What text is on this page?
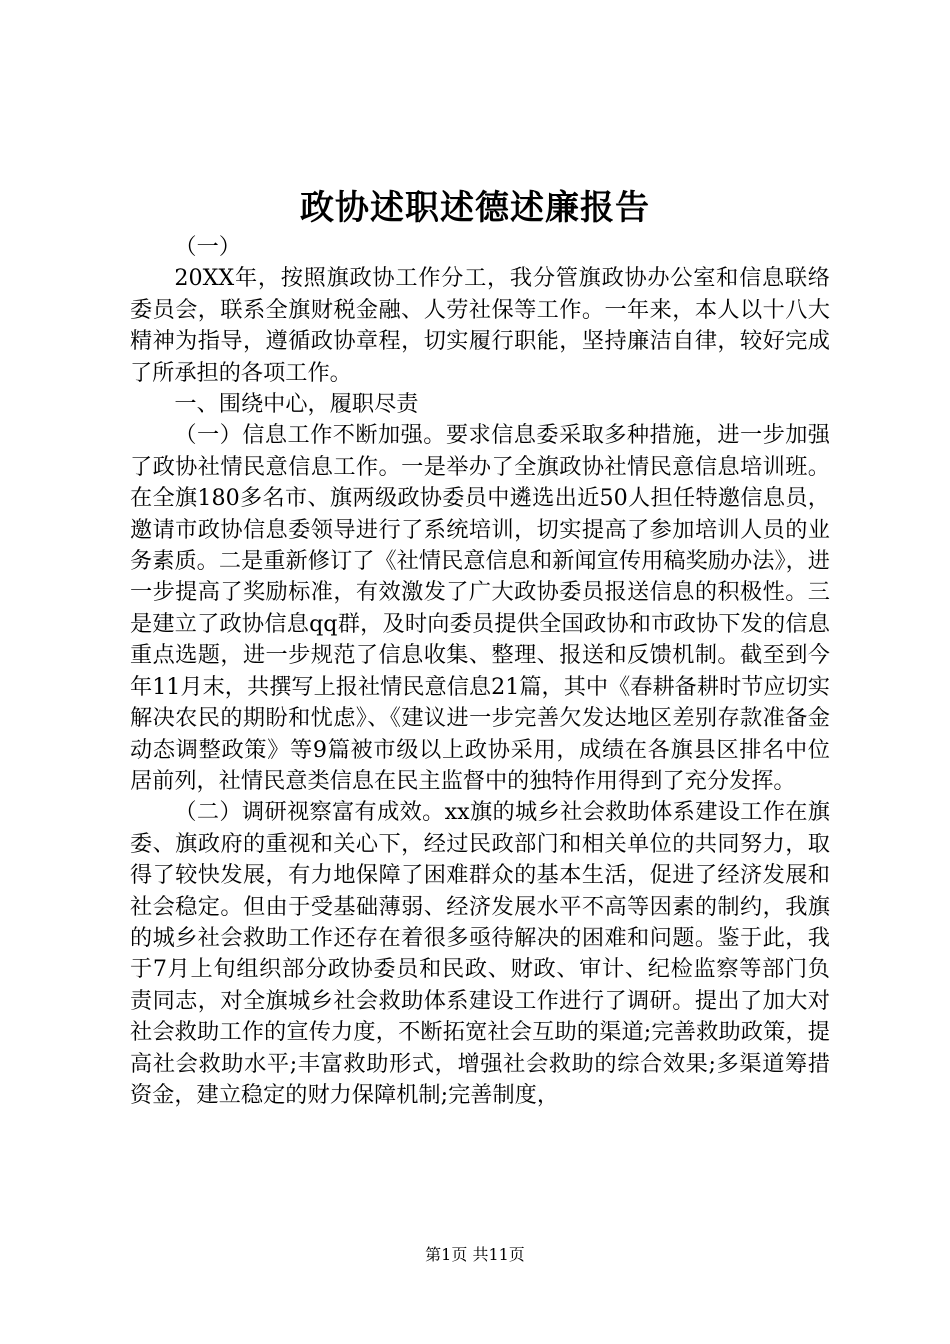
政协述职述德述廉报告

（一）

20XX年，按照旗政协工作分工，我分管旗政协办公室和信息联络委员会，联系全旗财税金融、人劳社保等工作。一年来，本人以十八大精神为指导，遵循政协章程，切实履行职能，坚持廉洁自律，较好完成了所承担的各项工作。

一、围绕中心，履职尽责

（一）信息工作不断加强。要求信息委采取多种措施，进一步加强了政协社情民意信息工作。一是举办了全旗政协社情民意信息培训班。在全旗180多名市、旗两级政协委员中遴选出近50人担任特邀信息员，邀请市政协信息委领导进行了系统培训，切实提高了参加培训人员的业务素质。二是重新修订了《社情民意信息和新闻宣传用稿奖励办法》，进一步提高了奖励标准，有效激发了广大政协委员报送信息的积极性。三是建立了政协信息qq群，及时向委员提供全国政协和市政协下发的信息重点选题，进一步规范了信息收集、整理、报送和反馈机制。截至到今年11月末，共撰写上报社情民意信息21篇，其中《春耕备耕时节应切实解决农民的期盼和忧虑》、《建议进一步完善欠发达地区差别存款准备金动态调整政策》等9篇被市级以上政协采用，成绩在各旗县区排名中位居前列，社情民意类信息在民主监督中的独特作用得到了充分发挥。

（二）调研视察富有成效。xx旗的城乡社会救助体系建设工作在旗委、旗政府的重视和关心下，经过民政部门和相关单位的共同努力，取得了较快发展，有力地保障了困难群众的基本生活，促进了经济发展和社会稳定。但由于受基础薄弱、经济发展水平不高等因素的制约，我旗的城乡社会救助工作还存在着很多亟待解决的困难和问题。鉴于此，我于7月上旬组织部分政协委员和民政、财政、审计、纪检监察等部门负责同志，对全旗城乡社会救助体系建设工作进行了调研。提出了加大对社会救助工作的宣传力度，不断拓宽社会互助的渠道;完善救助政策，提高社会救助水平;丰富救助形式，增强社会救助的综合效果;多渠道筹措资金，建立稳定的财力保障机制;完善制度，

第1页 共11页
